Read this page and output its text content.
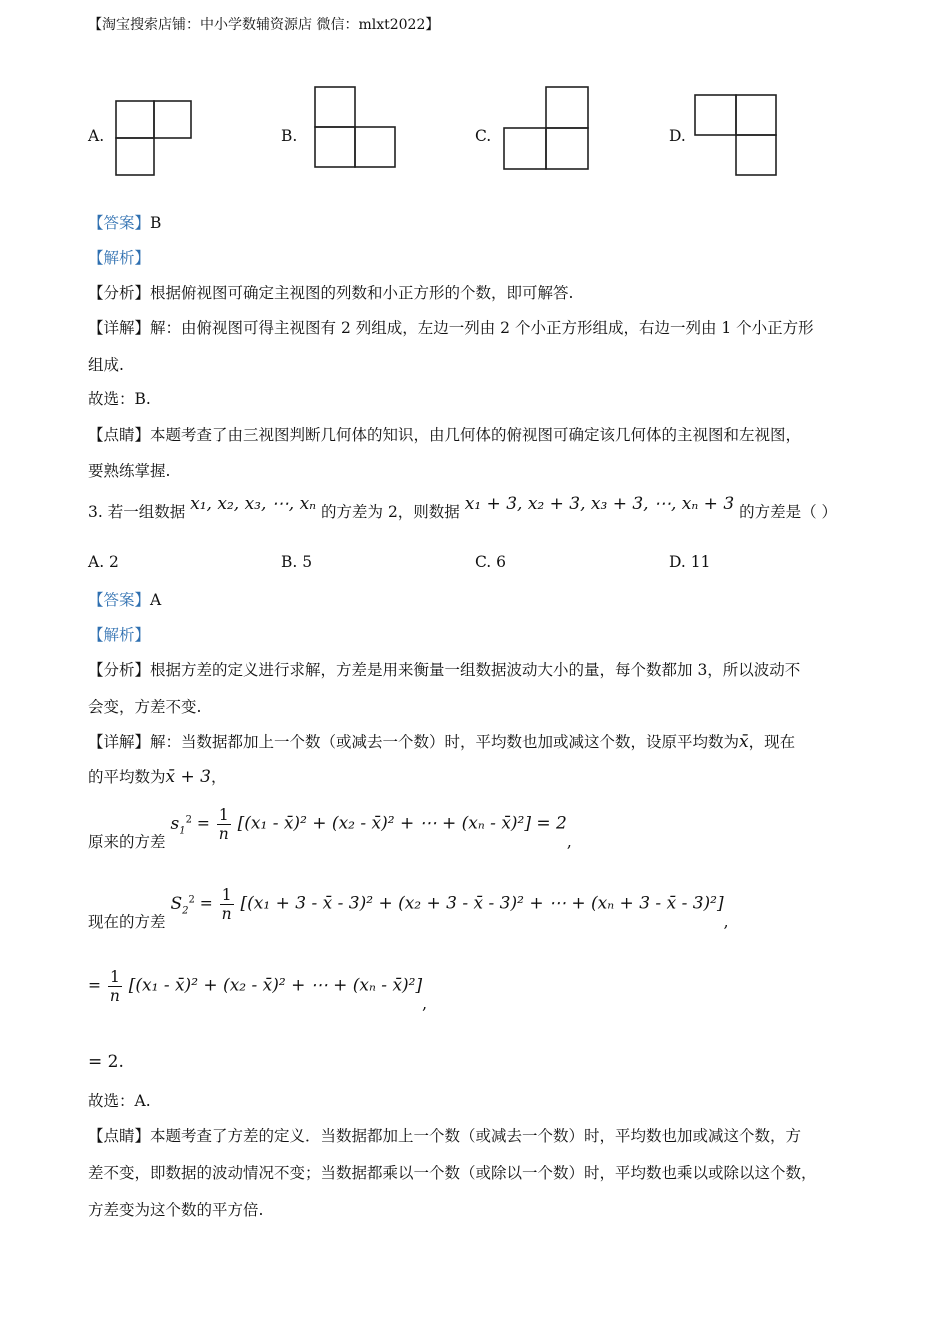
【淘宝搜索店铺：中小学数辅资源店 微信：mlxt2022】
A.	B.	C.	D.
【答案】B
【解析】
【分析】根据俯视图可确定主视图的列数和小正方形的个数，即可解答.
【详解】解：由俯视图可得主视图有 2 列组成，左边一列由 2 个小正方形组成，右边一列由 1 个小正方形
组成.
故选：B.
【点睛】本题考查了由三视图判断几何体的知识，由几何体的俯视图可确定该几何体的主视图和左视图，
要熟练掌握.
3. 若一组数据 x₁, x₂, x₃, ⋯, xₙ 的方差为 2，则数据 x₁ + 3, x₂ + 3, x₃ + 3, ⋯, xₙ + 3 的方差是（ ）
A. 2	B. 5	C. 6	D. 11
【答案】A
【解析】
【分析】根据方差的定义进行求解，方差是用来衡量一组数据波动大小的量，每个数都加 3，所以波动不
会变，方差不变.
【详解】解：当数据都加上一个数（或减去一个数）时，平均数也加或减这个数，设原平均数为x̄，现在
的平均数为x̄ + 3，
原来的方差 $s_1^2 = \frac{1}{n} [(x_1$ - x̄)² + (x₂ - x̄)² + ⋯ + (xₙ - x̄)²] = 2,
现在的方差 $S_2^2 = \frac{1}{n} [(x_1 + 3$ - x̄ - 3)² + (x₂ + 3 - x̄ - 3)² + ⋯ + (xₙ + 3 - x̄ - 3)²],
= $\frac{1}{n} [(x_1$ - x̄)² + (x₂ - x̄)² + ⋯ + (xₙ - x̄)²],
= 2.
故选：A.
【点睛】本题考查了方差的定义．当数据都加上一个数（或减去一个数）时，平均数也加或减这个数，方
差不变，即数据的波动情况不变；当数据都乘以一个数（或除以一个数）时，平均数也乘以或除以这个数，
方差变为这个数的平方倍.
